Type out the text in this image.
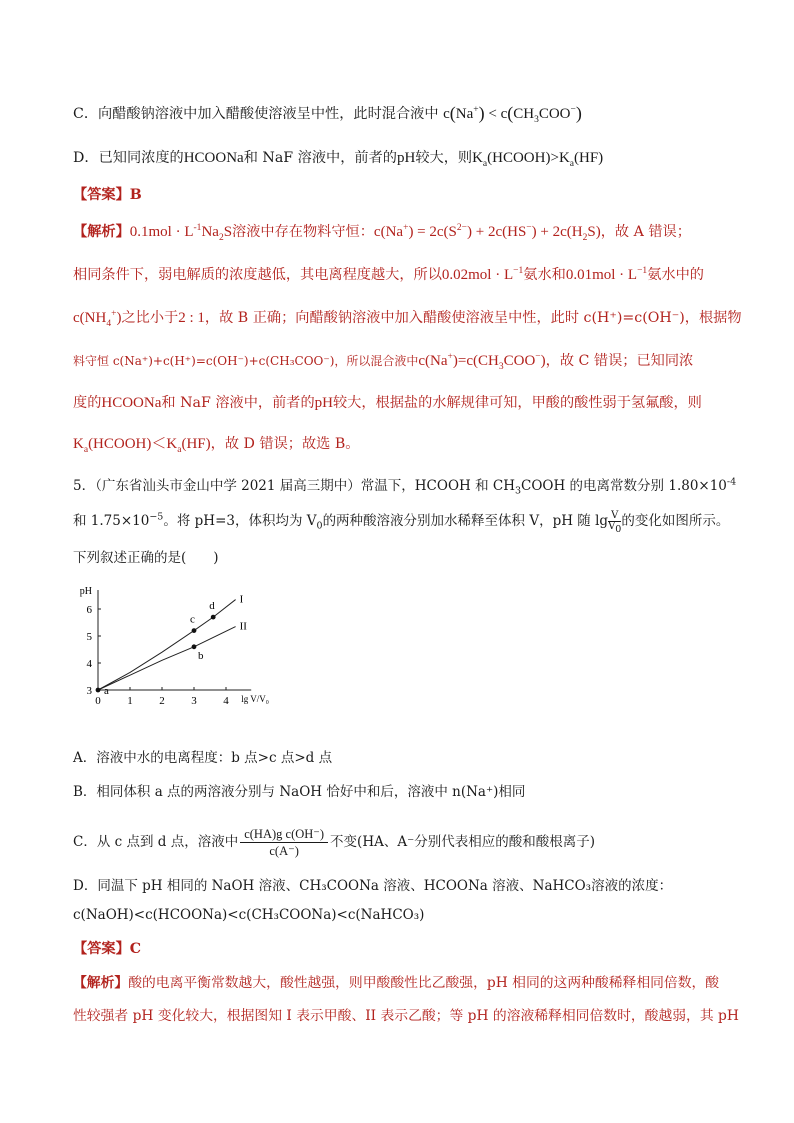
C．向醋酸钠溶液中加入醋酸使溶液呈中性，此时混合液中 $c(Na^+) < c(CH_3COO^-)$
D．已知同浓度的HCOONa和 NaF 溶液中，前者的pH较大，则$K_a(HCOOH)>K_a(HF)$
【答案】B
【解析】$0.1mol \cdot L^{-1}Na_2S$溶液中存在物料守恒：$c(Na^+) = 2c(S^{2-}) + 2c(HS^-) + 2c(H_2S)$，故 A 错误；
相同条件下，弱电解质的浓度越低，其电离程度越大，所以$0.02mol \cdot L^{-1}$氨水和$0.01mol \cdot L^{-1}$氨水中的
$c(NH_4^+)$之比小于2 : 1，故 B 正确；向醋酸钠溶液中加入醋酸使溶液呈中性，此时 c(H⁺)=c(OH⁻)，根据物
料守恒 c(Na⁺)+c(H⁺)=c(OH⁻)+c(CH₃COO⁻)，所以混合液中$c(Na^+)=c(CH_3COO^-)$，故 C 错误；已知同浓
度的HCOONa和 NaF 溶液中，前者的pH较大，根据盐的水解规律可知，甲酸的酸性弱于氢氟酸，则
$K_a(HCOOH)<K_a(HF)$，故 D 错误；故选 B。
5．（广东省汕头市金山中学 2021 届高三期中）常温下，HCOOH 和 $CH_3COOH$ 的电离常数分别 $1.80\times 10^{-4}$
和 $1.75\times 10^{-5}$。将 pH=3，体积均为 $V_0$的两种酸溶液分别加水稀释至体积 V，pH 随 $\lg \frac{V}{V_0}$ 的变化如图所示。
下列叙述正确的是(　　)
pH
0 1 2 3 4
3
4
5
6
lg V/V₀
I
II
a
b
c
d
A．溶液中水的电离程度：b 点>c 点>d 点
B．相同体积 a 点的两溶液分别与 NaOH 恰好中和后，溶液中 n(Na⁺)相同
C．从 c 点到 d 点，溶液中 $\frac{\text{c(HA)g c(OH⁻)}}{c(A^-)}$ 不变(HA、A⁻分别代表相应的酸和酸根离子)
D．同温下 pH 相同的 NaOH 溶液、CH₃COONa 溶液、HCOONa 溶液、NaHCO₃溶液的浓度：
c(NaOH)<c(HCOONa)<c(CH₃COONa)<c(NaHCO₃)
【答案】C
【解析】酸的电离平衡常数越大，酸性越强，则甲酸酸性比乙酸强，pH 相同的这两种酸稀释相同倍数，酸
性较强者 pH 变化较大，根据图知 I 表示甲酸、II 表示乙酸；等 pH 的溶液稀释相同倍数时，酸越弱，其 pH
